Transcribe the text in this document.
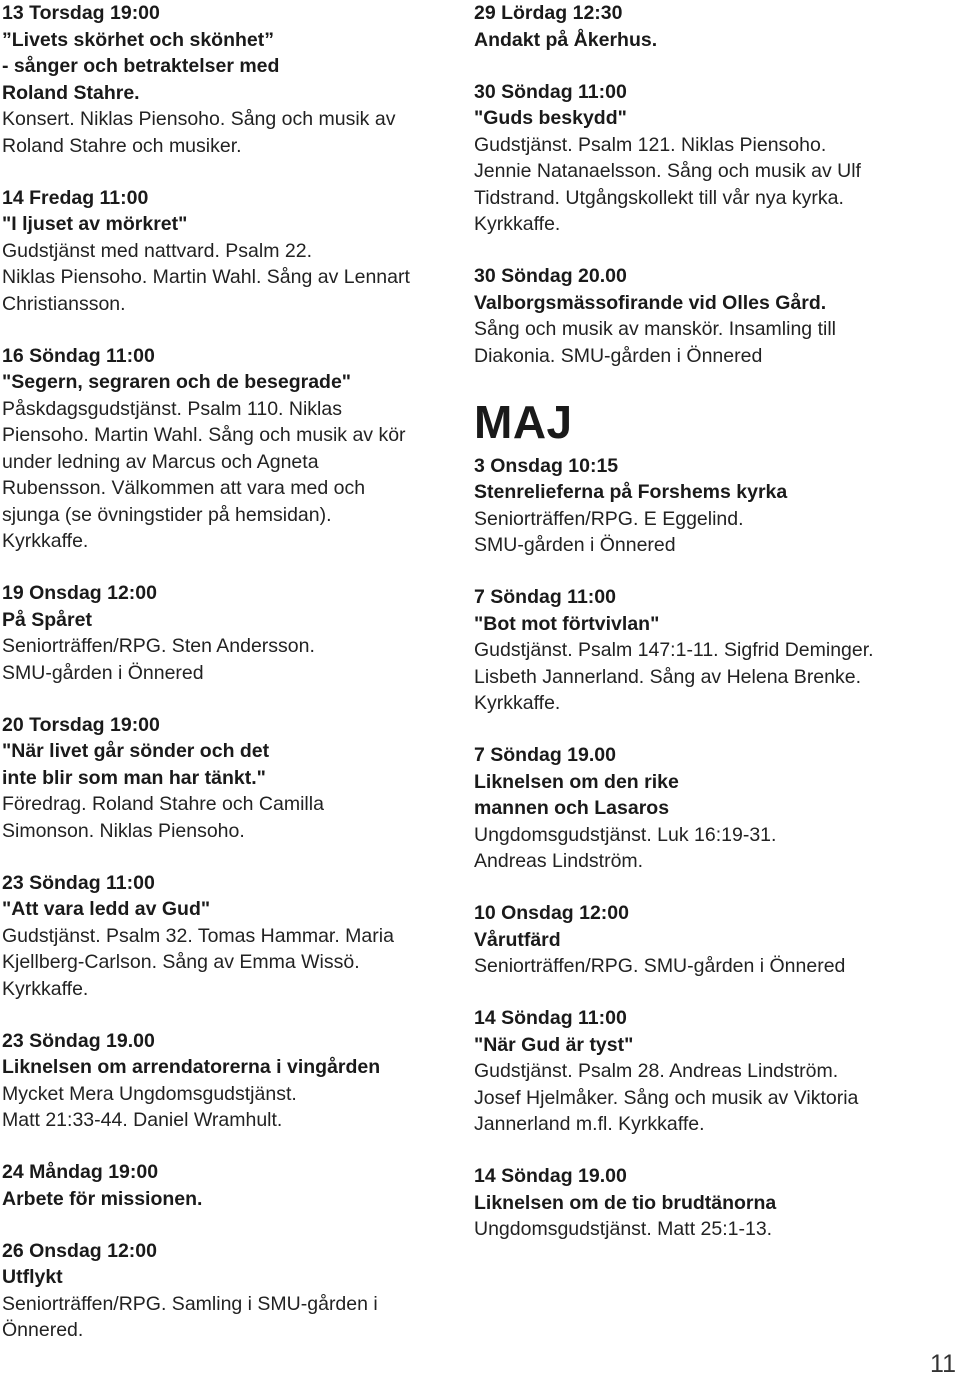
13 Torsdag 19:00
”Livets skörhet och skönhet”
- sånger och betraktelser med
Roland Stahre.
Konsert. Niklas Piensoho. Sång och musik av
Roland Stahre och musiker.
14 Fredag 11:00
"I ljuset av mörkret"
Gudstjänst med nattvard. Psalm 22.
Niklas Piensoho. Martin Wahl. Sång av Lennart
Christiansson.
16 Söndag 11:00
"Segern, segraren och de besegrade"
Påskdagsgudstjänst. Psalm 110. Niklas
Piensoho. Martin Wahl. Sång och musik av kör
under ledning av Marcus och Agneta
Rubensson. Välkommen att vara med och
sjunga (se övningstider på hemsidan).
Kyrkkaffe.
19 Onsdag 12:00
På Spåret
Seniorträffen/RPG. Sten Andersson.
SMU-gården i Önnered
20 Torsdag 19:00
"När livet går sönder och det
inte blir som man har tänkt."
Föredrag. Roland Stahre och Camilla
Simonson. Niklas Piensoho.
23 Söndag 11:00
"Att vara ledd av Gud"
Gudstjänst. Psalm 32. Tomas Hammar. Maria
Kjellberg-Carlson. Sång av Emma Wissö.
Kyrkkaffe.
23 Söndag 19.00
Liknelsen om arrendatorerna i vingården
Mycket Mera Ungdomsgudstjänst.
Matt 21:33-44. Daniel Wramhult.
24 Måndag 19:00
Arbete för missionen.
26 Onsdag 12:00
Utflykt
Seniorträffen/RPG. Samling i SMU-gården i
Önnered.
29 Lördag 12:30
Andakt på Åkerhus.
30 Söndag 11:00
"Guds beskydd"
Gudstjänst. Psalm 121. Niklas Piensoho.
Jennie Natanaelsson. Sång och musik av Ulf
Tidstrand. Utgångskollekt till vår nya kyrka.
Kyrkkaffe.
30 Söndag 20.00
Valborgsmässofirande vid Olles Gård.
Sång och musik av manskör. Insamling till
Diakonia. SMU-gården i Önnered
MAJ
3 Onsdag 10:15
Stenrelieferna på Forshems kyrka
Seniorträffen/RPG. E Eggelind.
SMU-gården i Önnered
7 Söndag 11:00
"Bot mot förtvivlan"
Gudstjänst. Psalm 147:1-11. Sigfrid Deminger.
Lisbeth Jannerland. Sång av Helena Brenke.
Kyrkkaffe.
7 Söndag 19.00
Liknelsen om den rike
mannen och Lasaros
Ungdomsgudstjänst. Luk 16:19-31.
Andreas Lindström.
10 Onsdag 12:00
Vårutfärd
Seniorträffen/RPG. SMU-gården i Önnered
14 Söndag 11:00
"När Gud är tyst"
Gudstjänst. Psalm 28. Andreas Lindström.
Josef Hjelmåker. Sång och musik av Viktoria
Jannerland m.fl. Kyrkkaffe.
14 Söndag 19.00
Liknelsen om de tio brudtänorna
Ungdomsgudstjänst. Matt 25:1-13.
11
